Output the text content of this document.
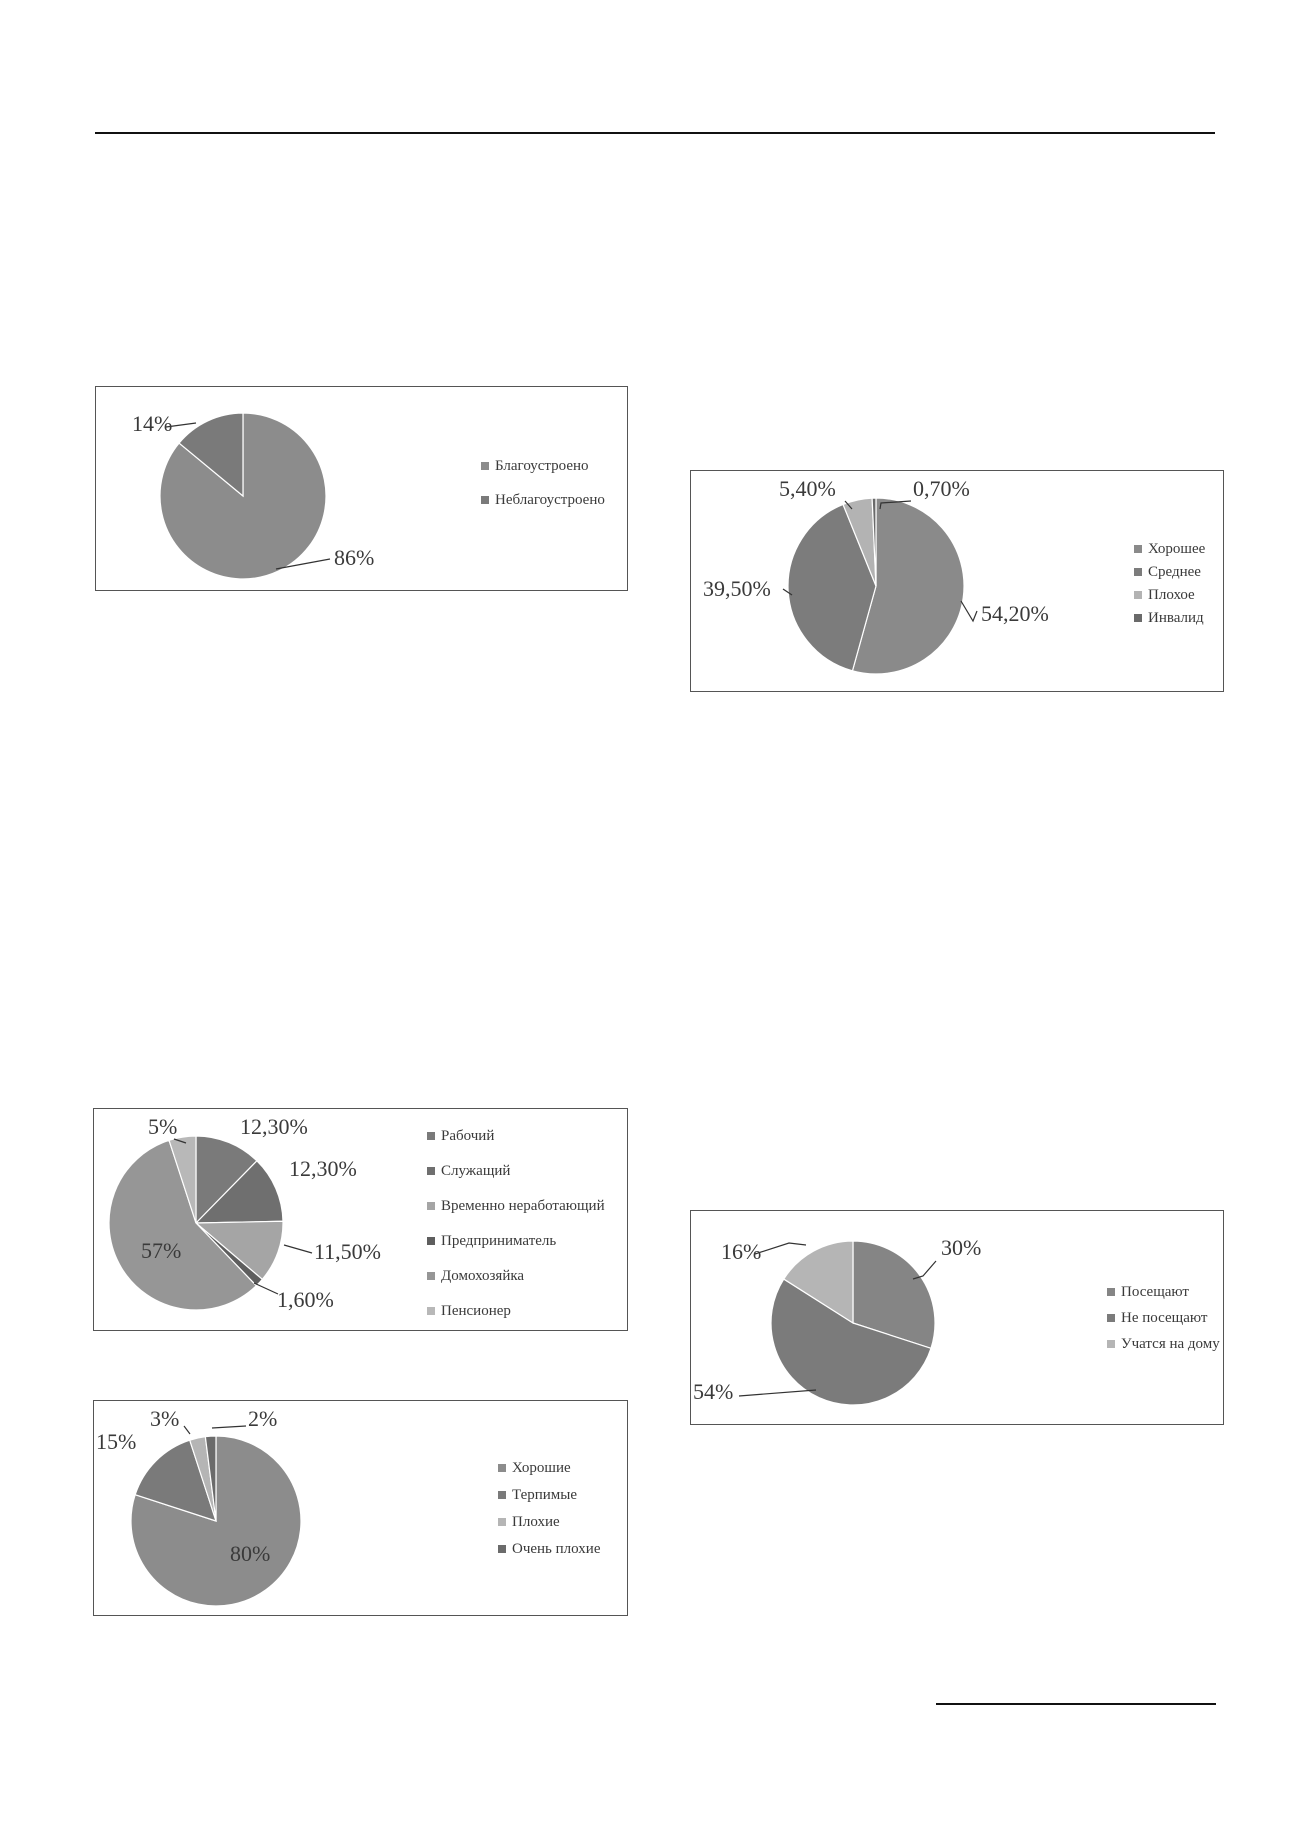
86%
14%
Благоустроено
Неблагоустроено
54,20%
39,50%
5,40%	0,70%
Хорошее
Среднее
Плохое
Инвалид
12,30%
12,30%
11,50%
1,60%
57%
5%	Рабочий
Служащий
Временно неработающий
Предприниматель
Домохозяйка
Пенсионер
30%
54%
16%
Посещают
Не посещают
Учатся на дому
80%
15%
3%	2%
Хорошие
Терпимые
Плохие
Очень плохие
